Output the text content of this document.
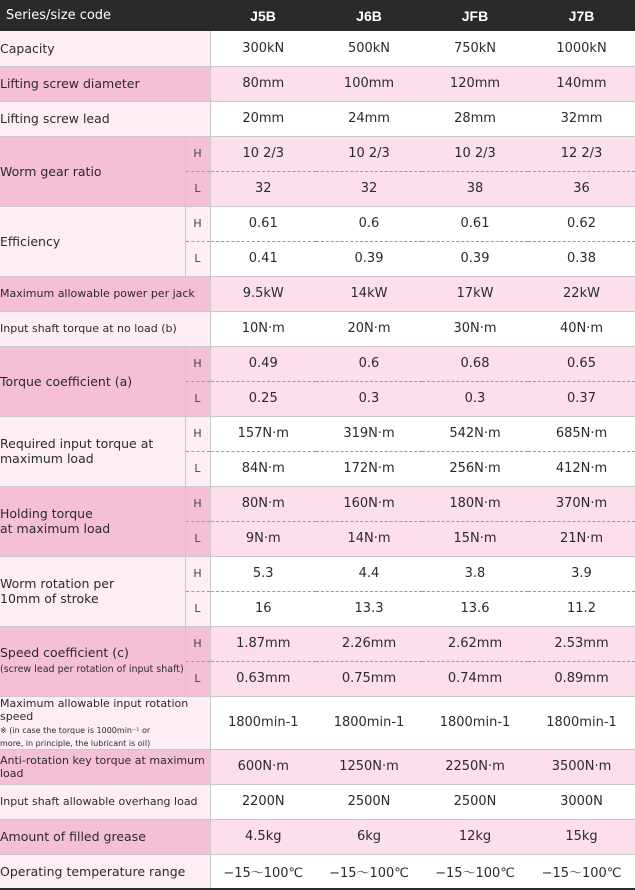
Series/size code		J5B	J6B	JFB	J7B
Capacity		300kN	500kN	750kN	1000kN
Lifting screw diameter		80mm	100mm	120mm	140mm
Lifting screw lead		20mm	24mm	28mm	32mm
Worm gear ratio	H	10 2/3	10 2/3	10 2/3	12 2/3
	L	32	32	38	36
Efficiency	H	0.61	0.6	0.61	0.62
	L	0.41	0.39	0.39	0.38
Maximum allowable power per jack		9.5kW	14kW	17kW	22kW
Input shaft torque at no load (b)		10N·m	20N·m	30N·m	40N·m
Torque coefficient (a)	H	0.49	0.6	0.68	0.65
	L	0.25	0.3	0.3	0.37
Required input torque at
maximum load	H	157N·m	319N·m	542N·m	685N·m
	L	84N·m	172N·m	256N·m	412N·m
Holding torque
at maximum load	H	80N·m	160N·m	180N·m	370N·m
	L	9N·m	14N·m	15N·m	21N·m
Worm rotation per
10mm of stroke	H	5.3	4.4	3.8	3.9
	L	16	13.3	13.6	11.2
Speed coefficient (c)
(screw lead per rotation of input shaft)	H	1.87mm	2.26mm	2.62mm	2.53mm
	L	0.63mm	0.75mm	0.74mm	0.89mm
Maximum allowable input rotation speed
※ (in case the torque is 1000min⁻¹ or
more, in principle, the lubricant is oil)		1800min-1	1800min-1	1800min-1	1800min-1
Anti-rotation key torque at maximum load		600N·m	1250N·m	2250N·m	3500N·m
Input shaft allowable overhang load		2200N	2500N	2500N	3000N
Amount of filled grease		4.5kg	6kg	12kg	15kg
Operating temperature range		−15〜100℃	−15〜100℃	−15〜100℃	−15〜100℃
